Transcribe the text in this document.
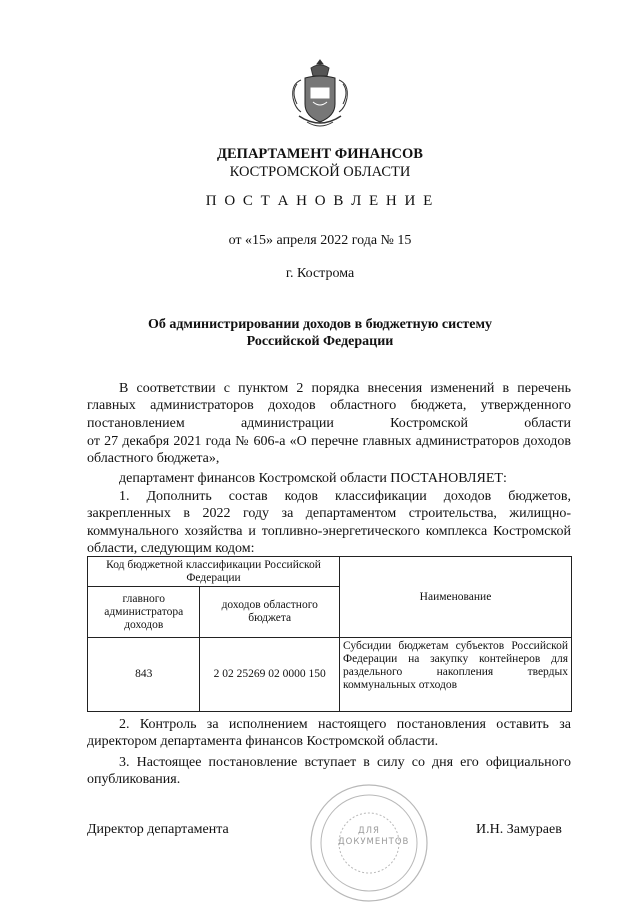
ДЕПАРТАМЕНТ ФИНАНСОВ
КОСТРОМСКОЙ ОБЛАСТИ
П О С Т А Н О В Л Е Н И Е
от «15» апреля 2022 года № 15
г. Кострома
Об администрировании доходов в бюджетную систему
Российской Федерации
В соответствии с пунктом 2 порядка внесения изменений в перечень главных администраторов доходов областного бюджета, утвержденного постановлением администрации Костромской области
от 27 декабря 2021 года № 606-а «О перечне главных администраторов доходов областного бюджета»,
департамент финансов Костромской области ПОСТАНОВЛЯЕТ:
1. Дополнить состав кодов классификации доходов бюджетов, закрепленных в 2022 году за департаментом строительства, жилищно-коммунального хозяйства и топливно-энергетического комплекса Костромской области, следующим кодом:
Код бюджетной классификации Российской Федерации		Наименование
главного администратора доходов	доходов областного бюджета	
843	2 02 25269 02 0000 150	Субсидии бюджетам субъектов Российской Федерации на закупку контейнеров для раздельного накопления твердых коммунальных отходов
2. Контроль за исполнением настоящего постановления оставить за директором департамента финансов Костромской области.
3. Настоящее постановление вступает в силу со дня его официального опубликования.
ДЛЯ ДОКУМЕНТОВ
Директор департамента	И.Н. Замураев
